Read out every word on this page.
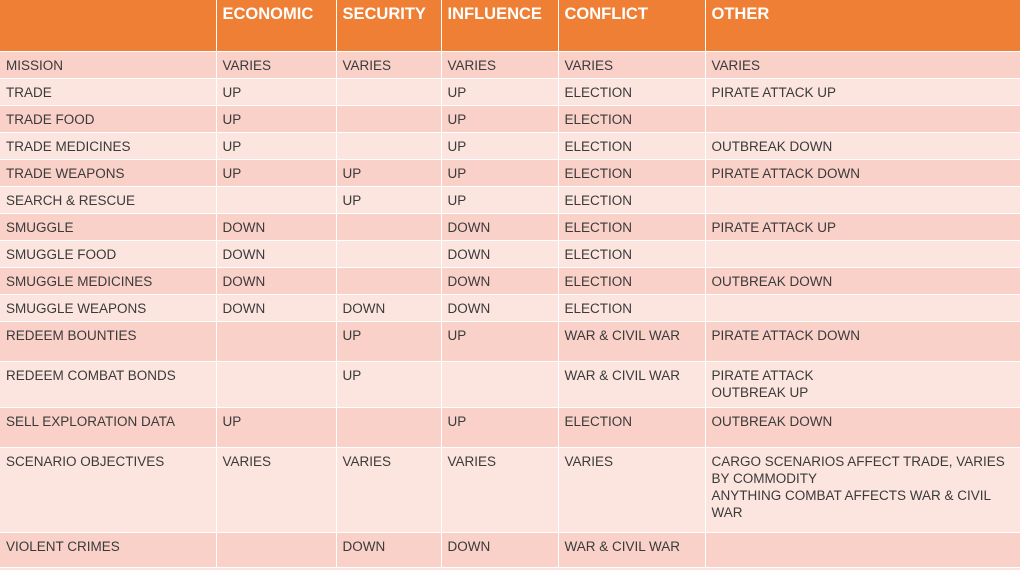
	ECONOMIC	SECURITY	INFLUENCE	CONFLICT	OTHER

MISSION	VARIES	VARIES	VARIES	VARIES	VARIES

TRADE	UP		UP	ELECTION	PIRATE ATTACK UP

TRADE FOOD	UP		UP	ELECTION	

TRADE MEDICINES	UP		UP	ELECTION	OUTBREAK DOWN

TRADE WEAPONS	UP	UP	UP	ELECTION	PIRATE ATTACK DOWN

SEARCH & RESCUE		UP	UP	ELECTION	

SMUGGLE	DOWN		DOWN	ELECTION	PIRATE ATTACK UP

SMUGGLE FOOD	DOWN		DOWN	ELECTION	

SMUGGLE MEDICINES	DOWN		DOWN	ELECTION	OUTBREAK DOWN

SMUGGLE WEAPONS	DOWN	DOWN	DOWN	ELECTION	

REDEEM BOUNTIES		UP	UP	WAR & CIVIL WAR	PIRATE ATTACK DOWN

REDEEM COMBAT BONDS		UP		WAR & CIVIL WAR	PIRATE ATTACK
OUTBREAK UP

SELL EXPLORATION DATA	UP		UP	ELECTION	OUTBREAK DOWN

SCENARIO OBJECTIVES	VARIES	VARIES	VARIES	VARIES	CARGO SCENARIOS AFFECT TRADE, VARIES BY COMMODITY
ANYTHING COMBAT AFFECTS WAR & CIVIL WAR

VIOLENT CRIMES		DOWN	DOWN	WAR & CIVIL WAR	
